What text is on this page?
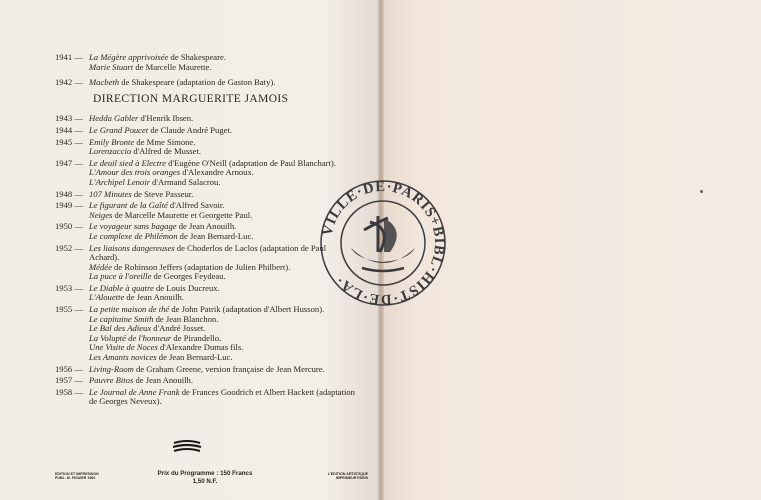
1941 — La Mégère apprivoisée de Shakespeare.
Marie Stuart de Marcelle Maurette.
1942 — Macbeth de Shakespeare (adaptation de Gaston Baty).
DIRECTION MARGUERITE JAMOIS
1943 — Hedda Gabler d'Henrik Ibsen.
1944 — Le Grand Poucet de Claude André Puget.
1945 — Emily Bronte de Mme Simone.
Lorenzaccio d'Alfred de Musset.
1947 — Le deuil sied à Electre d'Eugène O'Neill (adaptation de Paul Blanchart).
L'Amour des trois oranges d'Alexandre Arnoux.
L'Archipel Lenoir d'Armand Salacrou.
1948 — 107 Minutes de Steve Passeur.
1949 — Le figurant de la Gaîté d'Alfred Savoir.
Neiges de Marcelle Maurette et Georgette Paul.
1950 — Le voyageur sans bagage de Jean Anouilh.
Le complexe de Philémon de Jean Bernard-Luc.
1952 — Les liaisons dangereuses de Choderlos de Laclos (adaptation de Paul Achard).
Médée de Robinson Jeffers (adaptation de Julien Philbert).
La puce à l'oreille de Georges Feydeau.
1953 — Le Diable à quatre de Louis Ducreux.
L'Alouette de Jean Anouilh.
1955 — La petite maison de thé de John Patrik (adaptation d'Albert Husson).
Le capitaine Smith de Jean Blanchon.
Le Bal des Adieux d'André Josset.
La Volupté de l'honneur de Pirandello.
Une Visite de Noces d'Alexandre Dumas fils.
Les Amants novices de Jean Bernard-Luc.
1956 — Living-Room de Graham Greene, version française de Jean Mercure.
1957 — Pauvre Bitos de Jean Anouilh.
1958 — Le Journal de Anne Frank de Frances Goodrich et Albert Hackett (adaptation de Georges Neveux).
EDITION ET IMPRESSION
PUBL. M. FIGUIER 1960
Prix du Programme : 150 Francs
1,50 N.F.
L'EDITION ARTISTIQUE
IMPRIMEUR PARIS
VILLE·DE·PARIS+BIBL·HIST·DE·LA·
